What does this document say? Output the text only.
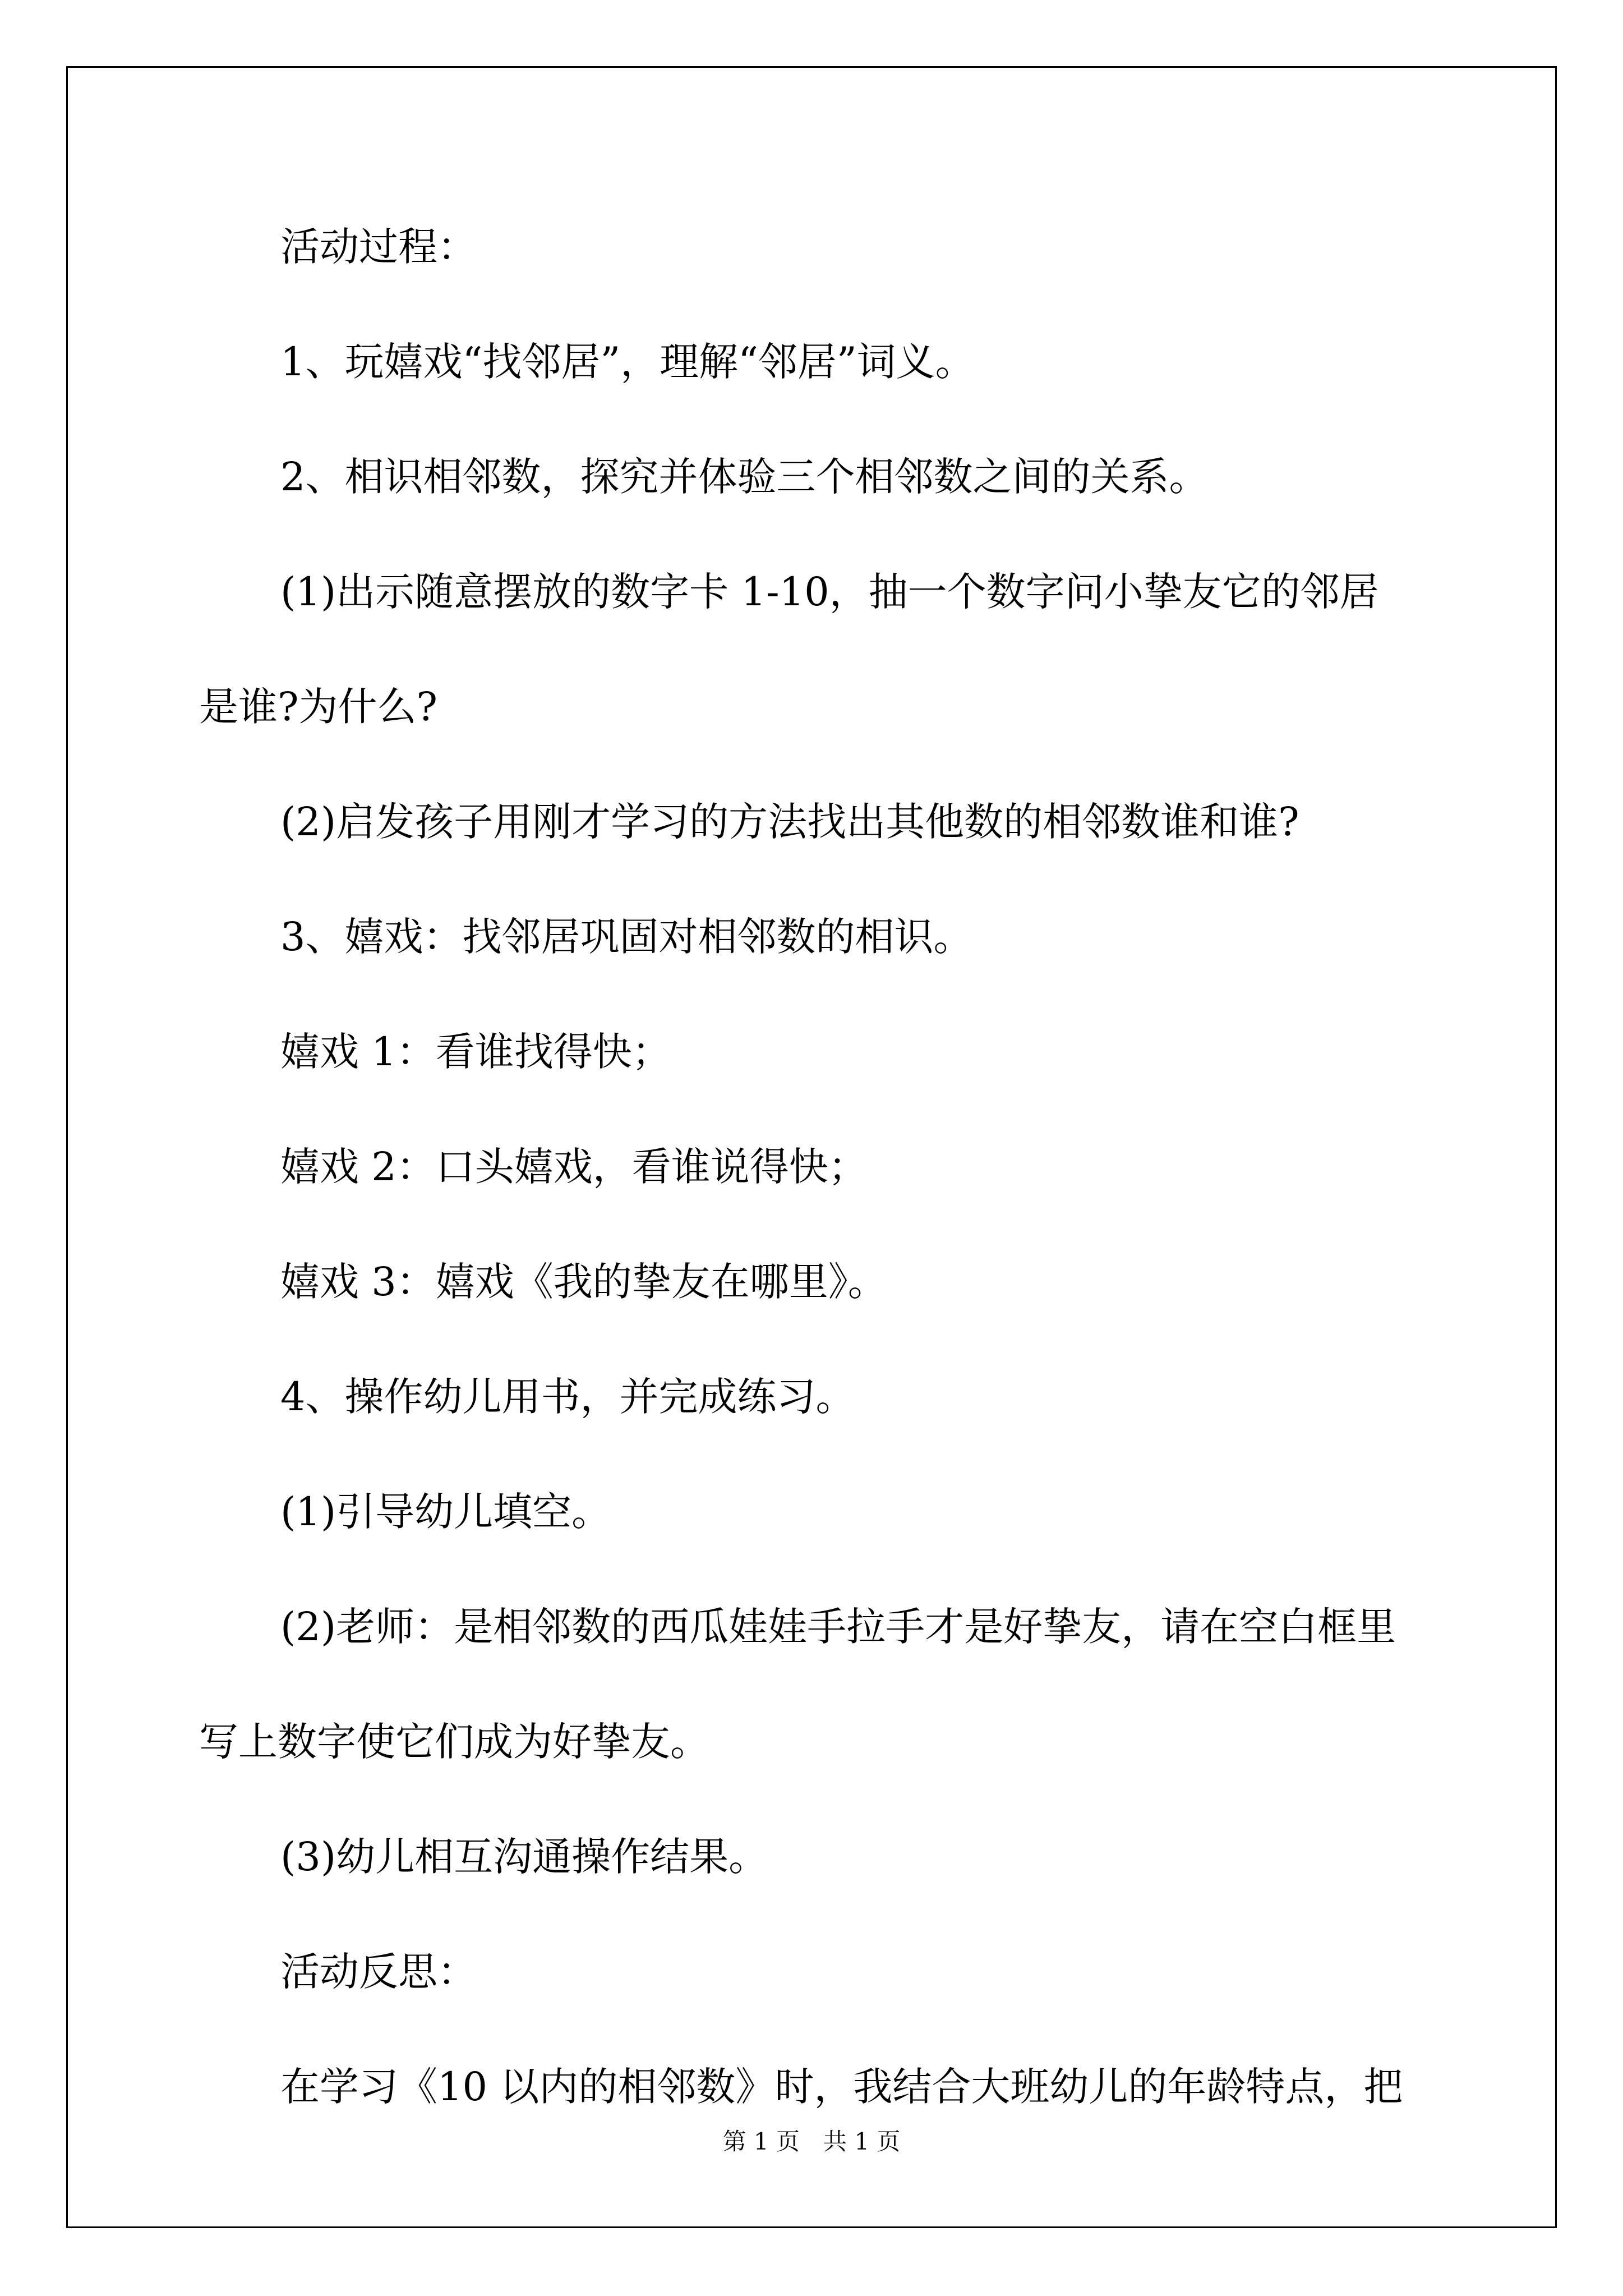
活动过程：
1、玩嬉戏“找邻居”，理解“邻居”词义。
2、相识相邻数，探究并体验三个相邻数之间的关系。
(1)出示随意摆放的数字卡 1-10，抽一个数字问小挚友它的邻居
是谁?为什么?
(2)启发孩子用刚才学习的方法找出其他数的相邻数谁和谁?
3、嬉戏：找邻居巩固对相邻数的相识。
嬉戏 1：看谁找得快；
嬉戏 2：口头嬉戏，看谁说得快；
嬉戏 3：嬉戏《我的挚友在哪里》。
4、操作幼儿用书，并完成练习。
(1)引导幼儿填空。
(2)老师：是相邻数的西瓜娃娃手拉手才是好挚友，请在空白框里
写上数字使它们成为好挚友。
(3)幼儿相互沟通操作结果。
活动反思：
在学习《10 以内的相邻数》时，我结合大班幼儿的年龄特点，把
第 1 页　共 1 页
